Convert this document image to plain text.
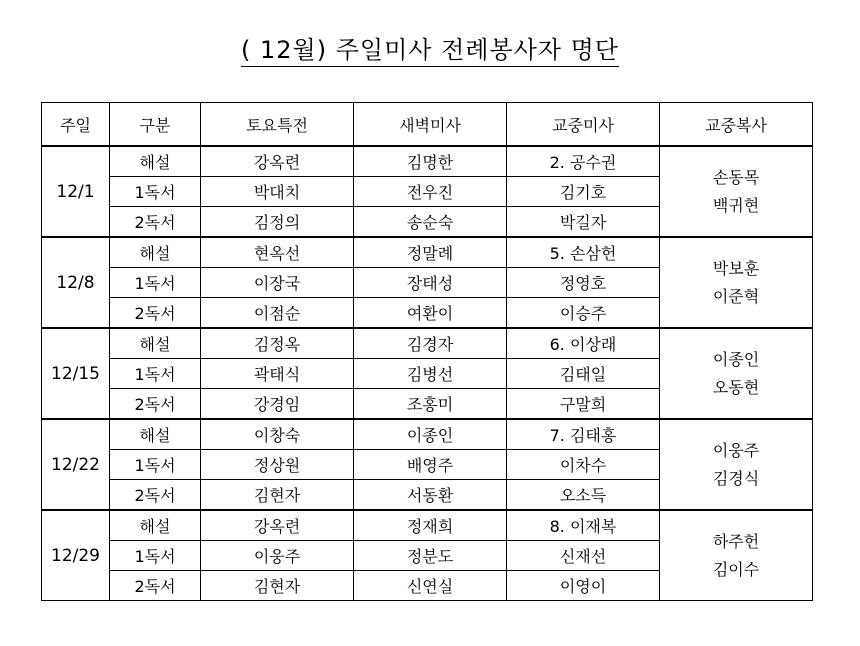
( 12월) 주일미사 전례봉사자 명단
주일	구분	토요특전	새벽미사	교중미사	교중복사
12/1	해설	강옥련	김명한	2. 공수권	손동목
백귀현

	1독서	박대치	전우진	김기호	
	2독서	김정의	송순숙	박길자	
12/8	해설	현옥선	정말례	5. 손삼헌	박보훈
이준혁

	1독서	이장국	장태성	정영호	
	2독서	이점순	여환이	이승주	
12/15	해설	김정옥	김경자	6. 이상래	이종인
오동현

	1독서	곽태식	김병선	김태일	
	2독서	강경임	조홍미	구말희	
12/22	해설	이창숙	이종인	7. 김태홍	이웅주
김경식

	1독서	정상원	배영주	이차수	
	2독서	김현자	서동환	오소득	
12/29	해설	강옥련	정재희	8. 이재복	하주헌
김이수

	1독서	이웅주	정분도	신재선	
	2독서	김현자	신연실	이영이	
